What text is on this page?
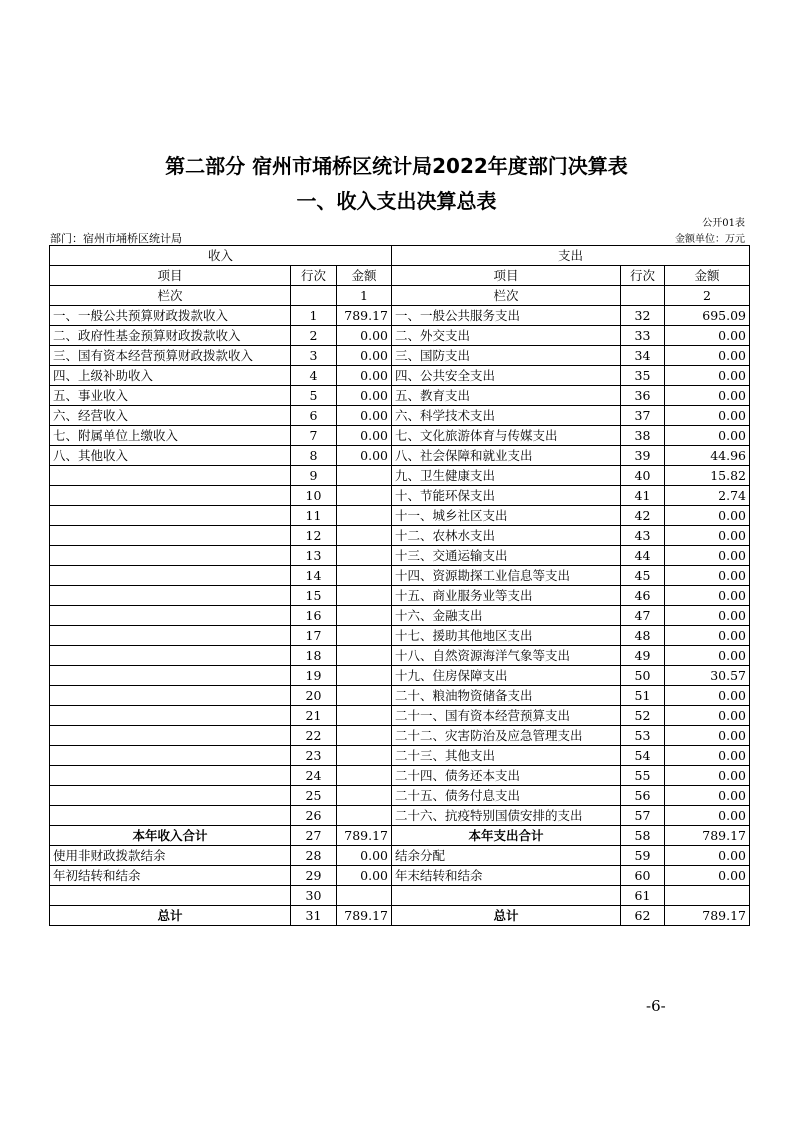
第二部分 宿州市埇桥区统计局2022年度部门决算表
一、收入支出决算总表
公开01表
部门：宿州市埇桥区统计局	金额单位：万元
收入			支出		
项目	行次	金额	项目	行次	金额
栏次		1	栏次		2
一、一般公共预算财政拨款收入	1	789.17	一、一般公共服务支出	32	695.09
二、政府性基金预算财政拨款收入	2	0.00	二、外交支出	33	0.00
三、国有资本经营预算财政拨款收入	3	0.00	三、国防支出	34	0.00
四、上级补助收入	4	0.00	四、公共安全支出	35	0.00
五、事业收入	5	0.00	五、教育支出	36	0.00
六、经营收入	6	0.00	六、科学技术支出	37	0.00
七、附属单位上缴收入	7	0.00	七、文化旅游体育与传媒支出	38	0.00
八、其他收入	8	0.00	八、社会保障和就业支出	39	44.96
	9		九、卫生健康支出	40	15.82
	10		十、节能环保支出	41	2.74
	11		十一、城乡社区支出	42	0.00
	12		十二、农林水支出	43	0.00
	13		十三、交通运输支出	44	0.00
	14		十四、资源勘探工业信息等支出	45	0.00
	15		十五、商业服务业等支出	46	0.00
	16		十六、金融支出	47	0.00
	17		十七、援助其他地区支出	48	0.00
	18		十八、自然资源海洋气象等支出	49	0.00
	19		十九、住房保障支出	50	30.57
	20		二十、粮油物资储备支出	51	0.00
	21		二十一、国有资本经营预算支出	52	0.00
	22		二十二、灾害防治及应急管理支出	53	0.00
	23		二十三、其他支出	54	0.00
	24		二十四、债务还本支出	55	0.00
	25		二十五、债务付息支出	56	0.00
	26		二十六、抗疫特别国债安排的支出	57	0.00
本年收入合计	27	789.17	本年支出合计	58	789.17
使用非财政拨款结余	28	0.00	结余分配	59	0.00
年初结转和结余	29	0.00	年末结转和结余	60	0.00
	30			61	
总计	31	789.17	总计	62	789.17
-6-
